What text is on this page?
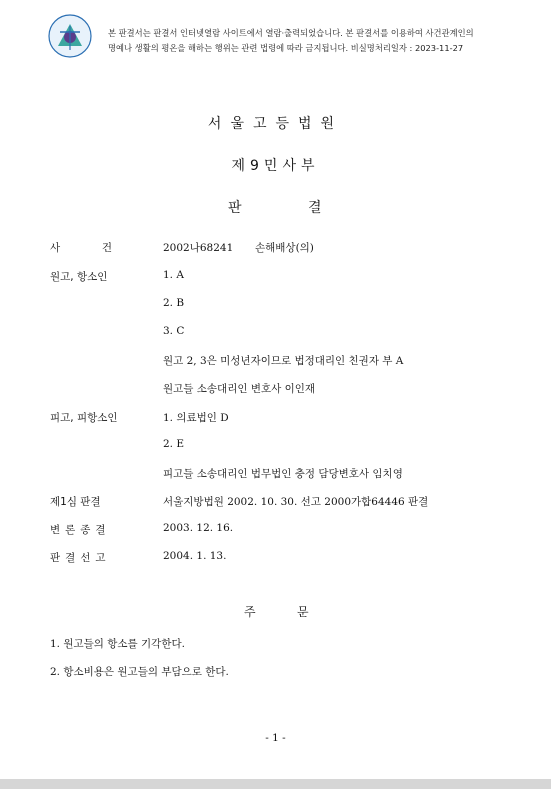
본 판결서는 판결서 인터넷열람 사이트에서 열람·출력되었습니다. 본 판결서를 이용하여 사건관계인의
명예나 생활의 평온을 해하는 행위는 관련 법령에 따라 금지됩니다. 비실명처리일자 : 2023-11-27
서울고등법원
제9민사부
판	결
사	건	2002나68241 손해배상(의)
원고, 항소인	1. A
2. B
3. C
원고 2, 3은 미성년자이므로 법정대리인 친권자 부 A
원고들 소송대리인 변호사 이인재
피고, 피항소인	1. 의료법인 D
2. E
피고들 소송대리인 법무법인 충정 담당변호사 임치영
제1심 판결	서울지방법원 2002. 10. 30. 선고 2000가합64446 판결
변론종결	2003. 12. 16.
판결선고	2004. 1. 13.
주	문
1. 원고들의 항소를 기각한다.
2. 항소비용은 원고들의 부담으로 한다.
- 1 -
